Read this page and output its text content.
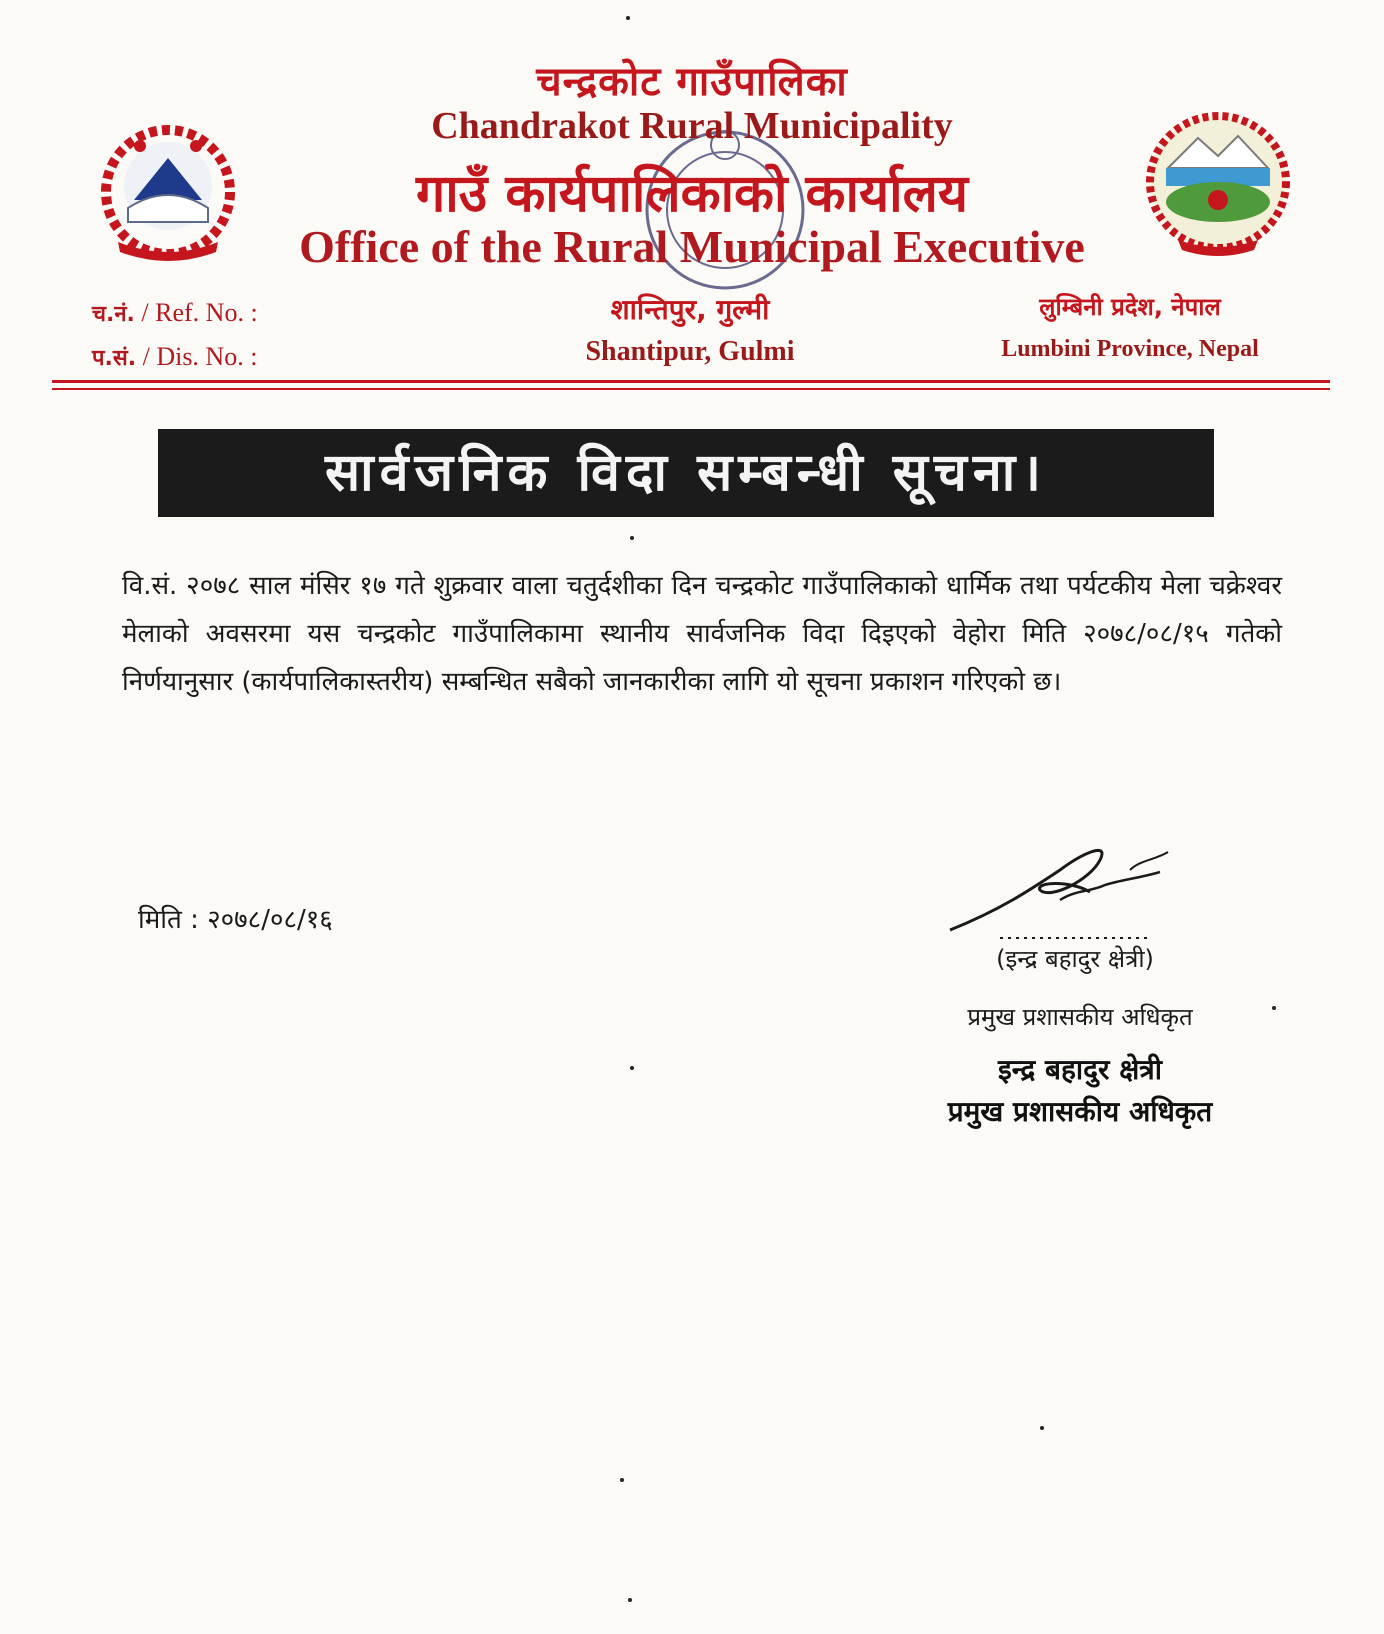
चन्द्रकोट गाउँपालिका
Chandrakot Rural Municipality
गाउँ कार्यपालिकाको कार्यालय
Office of the Rural Municipal Executive
च.नं. / Ref. No. :
प.सं. / Dis. No. :
शान्तिपुर, गुल्मी
Shantipur, Gulmi
लुम्बिनी प्रदेश, नेपाल
Lumbini Province, Nepal
सार्वजनिक विदा सम्बन्धी सूचना।
वि.सं. २०७८ साल मंसिर १७ गते शुक्रवार वाला चतुर्दशीका दिन चन्द्रकोट गाउँपालिकाको धार्मिक तथा पर्यटकीय मेला चक्रेश्वर मेलाको अवसरमा यस चन्द्रकोट गाउँपालिकामा स्थानीय सार्वजनिक विदा दिइएको वेहोरा मिति २०७८/०८/१५ गतेको निर्णयानुसार (कार्यपालिकास्तरीय) सम्बन्धित सबैको जानकारीका लागि यो सूचना प्रकाशन गरिएको छ।
मिति : २०७८/०८/१६
(इन्द्र बहादुर क्षेत्री)
प्रमुख प्रशासकीय अधिकृत
इन्द्र बहादुर क्षेत्री
प्रमुख प्रशासकीय अधिकृत
